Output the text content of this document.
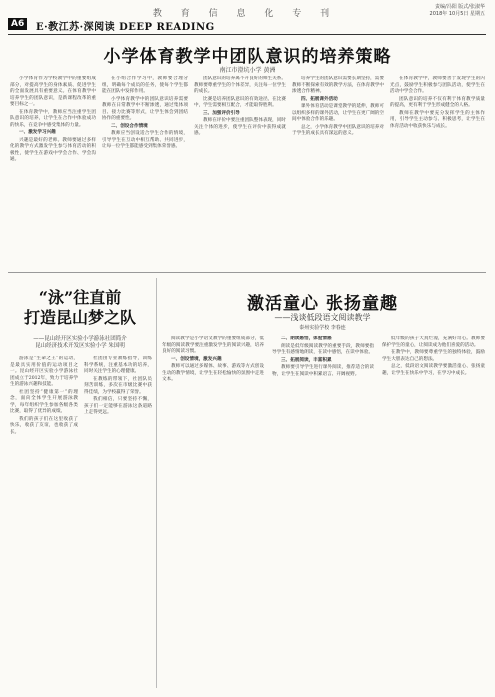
教 育 信 息 化 专 刊
责编/冯阳 版式/张淑华
2018年 10月5日 星期五
A6	E·教江苏·深阅读 DEEP READING
小学体育教学中团队意识的培养策略
南江市澄坑小学 黄洲

小学体育作为学校教学中的重要组成部分，对提高学生的身体素质、促进学生的全面发展具有重要意义。在体育教学中培养学生的团队意识，是新课程改革的重要目标之一。

在体育教学中，教师应当注重学生团队意识的培养，让学生在合作中体验成功的快乐，在竞争中感受集体的力量。

一、激发学习兴趣

兴趣是最好的老师。教师要通过多样化的教学方式激发学生参与体育活动的积极性，使学生在游戏中学会合作、学会沟通。

在小组合作学习中，教师要合理分组，明确每个成员的任务，使每个学生都能在团队中发挥作用。

小学体育教学中的团队意识培养需要教师在日常教学中不断渗透，通过集体项目、接力比赛等形式，让学生体会到团结协作的重要性。

二、创设合作情境

教师应当创设适合学生合作的情境，引导学生在互动中相互帮助、共同进步，让每一位学生都能感受到集体荣誉感。

团队意识的培养离不开良好的师生关系。教师要尊重学生的个体差异，关注每一位学生的成长。

比赛是培养团队意识的有效途径。在比赛中，学生需要相互配合，才能取得胜利。

三、加强评价引导

教师在评价中要注重团队整体表现，同时关注个体的进步，使学生在评价中获得成就感。

培养学生的团队意识需要长期坚持，需要教师不断探索有效的教学方法，在体育教学中渗透合作精神。

四、拓展课外活动

课外体育活动是课堂教学的延伸，教师可以组织多样的课外活动，让学生在更广阔的空间中体验合作的乐趣。

总之，小学体育教学中团队意识的培养对于学生的成长具有深远的意义。

在体育教学中，教师要善于发现学生的闪光点，鼓励学生积极参与团队活动，使学生在活动中学会合作。

团队意识的培养不仅有利于体育教学质量的提高，更有利于学生形成健全的人格。

教师在教学中要充分发挥学生的主体作用，引导学生主动参与、积极思考，让学生在体育活动中收获快乐与成长。

“泳”往直前
打造昆山梦之队
——昆山经开区实验小学游泳社团简介
昆山经济技术开发区实验小学 朱国明

游泳是“生命之王”的运动，是最具实用价值的运动项目之一。昆山经开区实验小学游泳社团成立于2012年，致力于培养学生的游泳兴趣和技能。

社团坚持“健康第一”的理念，面向全体学生开展游泳教学，每年组织学生参加各级各类比赛，取得了优异的成绩。

我们的孩子们在这里收获了快乐，收获了友谊，也收获了成长。

社团由专业教练指导，训练科学系统，注重基本功的培养，同时关注学生的心理健康。

在教练的带领下，社团队员刻苦训练，多次在市级比赛中获得佳绩，为学校赢得了荣誉。

我们相信，只要坚持不懈，孩子们一定能够在游泳这条道路上走得更远。

激活童心 张扬童趣
——浅谈低段语文阅读教学
泰州实验学校 李春连

阅读教学是小学语文教学的重要组成部分，低年级的阅读教学要注重激发学生的阅读兴趣，培养良好的阅读习惯。

一、创设情境，激发兴趣

教师可以通过多媒体、故事、游戏等方式创设生动的教学情境，让学生在轻松愉快的氛围中走进文本。

二、朗读感悟，体验情感

朗读是低年级阅读教学的重要手段，教师要指导学生有感情地朗读，在读中感悟，在读中体验。

三、拓展阅读，丰富积累

教师要引导学生进行课外阅读，推荐适合的读物，让学生在阅读中积累语言、开阔视野。

低年级的孩子天真烂漫，充满好奇心。教师要保护学生的童心，让阅读成为他们喜爱的活动。

在教学中，教师要尊重学生的独特体验，鼓励学生大胆表达自己的想法。

总之，低段语文阅读教学要激活童心、张扬童趣，让学生在快乐中学习，在学习中成长。
